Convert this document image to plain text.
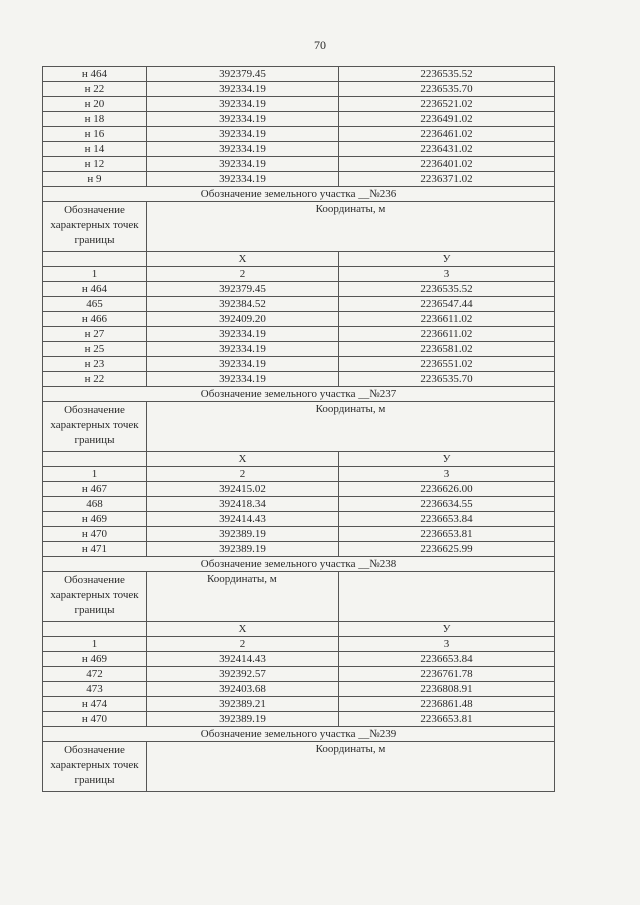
70
н 464	392379.45	2236535.52
н 22	392334.19	2236535.70
н 20	392334.19	2236521.02
н 18	392334.19	2236491.02
н 16	392334.19	2236461.02
н 14	392334.19	2236431.02
н 12	392334.19	2236401.02
н 9	392334.19	2236371.02
Обозначение земельного участка __№236		
Обозначение характерных точек границы	Координаты, м	
	X	У
1	2	3
н 464	392379.45	2236535.52
465	392384.52	2236547.44
н 466	392409.20	2236611.02
н 27	392334.19	2236611.02
н 25	392334.19	2236581.02
н 23	392334.19	2236551.02
н 22	392334.19	2236535.70
Обозначение земельного участка __№237		
Обозначение характерных точек границы	Координаты, м	
	X	У
1	2	3
н 467	392415.02	2236626.00
468	392418.34	2236634.55
н 469	392414.43	2236653.84
н 470	392389.19	2236653.81
н 471	392389.19	2236625.99
Обозначение земельного участка __№238		
Обозначение характерных точек границы	Координаты, м	
	X	У
1	2	3
н 469	392414.43	2236653.84
472	392392.57	2236761.78
473	392403.68	2236808.91
н 474	392389.21	2236861.48
н 470	392389.19	2236653.81
Обозначение земельного участка __№239		
Обозначение характерных точек границы	Координаты, м	
